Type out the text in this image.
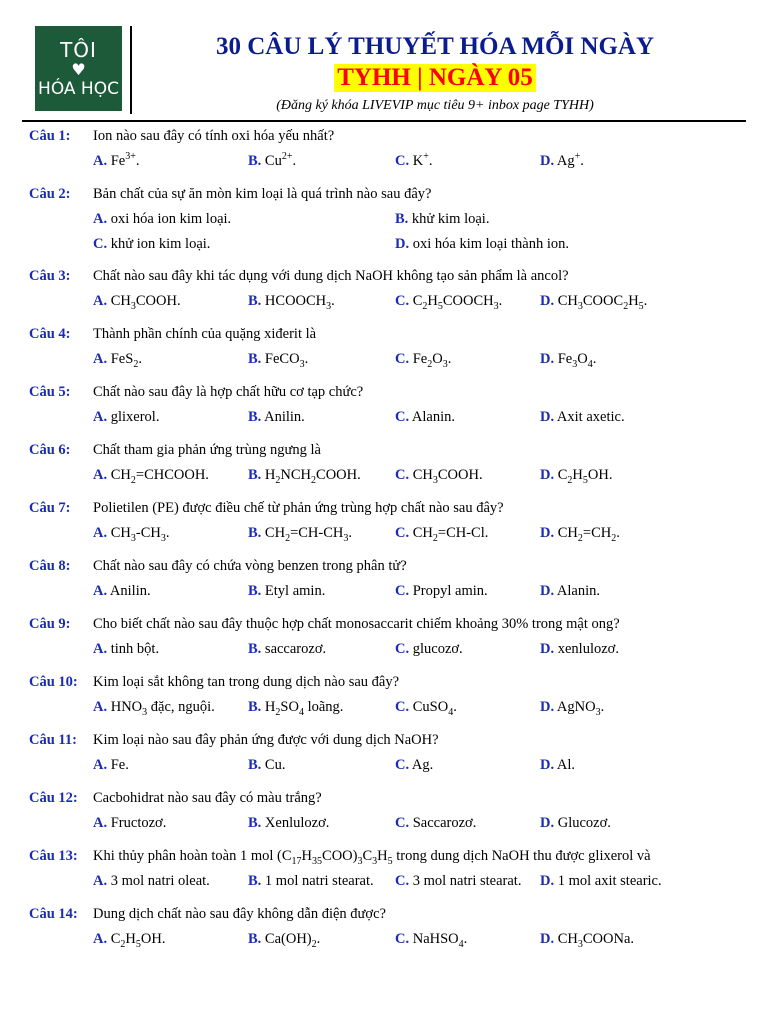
TÔI
♥
HÓA HỌC
30 CÂU LÝ THUYẾT HÓA MỖI NGÀY
TYHH | NGÀY 05
(Đăng ký khóa LIVEVIP mục tiêu 9+ inbox page TYHH)
Câu 1: Ion nào sau đây có tính oxi hóa yếu nhất?
A. $Fe^{3+}$.	B. $Cu^{2+}$.	C. K+.	D. Ag+.
Câu 2: Bản chất của sự ăn mòn kim loại là quá trình nào sau đây?
A. oxi hóa ion kim loại.	B. khử kim loại.
C. khử ion kim loại.	D. oxi hóa kim loại thành ion.
Câu 3: Chất nào sau đây khi tác dụng với dung dịch NaOH không tạo sản phẩm là ancol?
A. $CH_3COOH$.	B. $HCOOCH_3$.	C. $C_2H_5COOCH_3$.	D. $CH_3COOC_2H_5$.
Câu 4: Thành phần chính của quặng xiđerit là
A. FeS$_2$.	B. FeCO$_3$.	C. $Fe_2O_3$.	D. $Fe_3O_4$.
Câu 5: Chất nào sau đây là hợp chất hữu cơ tạp chức?
A. glixerol.	B. Anilin.	C. Alanin.	D. Axit axetic.
Câu 6: Chất tham gia phản ứng trùng ngưng là
A. $CH_2=CHCOOH$.	B. $H_2NCH_2COOH$. C. $CH_3COOH$.	D. $C_2H_5OH$.
Câu 7: Polietilen (PE) được điều chế từ phản ứng trùng hợp chất nào sau đây?
A. $CH_3-CH_3$.	B. $CH_2=CH-CH_3$.	C. $CH_2=CH-Cl$.	D. $CH_2=CH_2$.
Câu 8: Chất nào sau đây có chứa vòng benzen trong phân tử?
A. Anilin.	B. Etyl amin.	C. Propyl amin.	D. Alanin.
Câu 9: Cho biết chất nào sau đây thuộc hợp chất monosaccarit chiếm khoảng 30% trong mật ong?
A. tinh bột.	B. saccarozơ.	C. glucozơ.	D. xenlulozơ.
Câu 10: Kim loại sắt không tan trong dung dịch nào sau đây?
A. $HNO_3$ đặc, nguội. B. $H_2SO_4$ loãng.	C. CuSO$_4$.	D. AgNO$_3$.
Câu 11: Kim loại nào sau đây phản ứng được với dung dịch NaOH?
A. Fe.	B. Cu.	C. Ag.	D. Al.
Câu 12: Cacbohidrat nào sau đây có màu trắng?
A. Fructozơ.	B. Xenlulozơ.	C. Saccarozơ.	D. Glucozơ.
Câu 13: Khi thủy phân hoàn toàn 1 mol $(C_{17}H_{35}COO)_3C_3H_5$ trong dung dịch NaOH thu được glixerol và
A. 3 mol natri oleat.	B. 1 mol natri stearat. C. 3 mol natri stearat. D. 1 mol axit stearic.
Câu 14: Dung dịch chất nào sau đây không dẫn điện được?
A. $C_2H_5OH$.	B. $Ca(OH)_2$.	C. NaHSO$_4$.	D. $CH_3COONa$.
